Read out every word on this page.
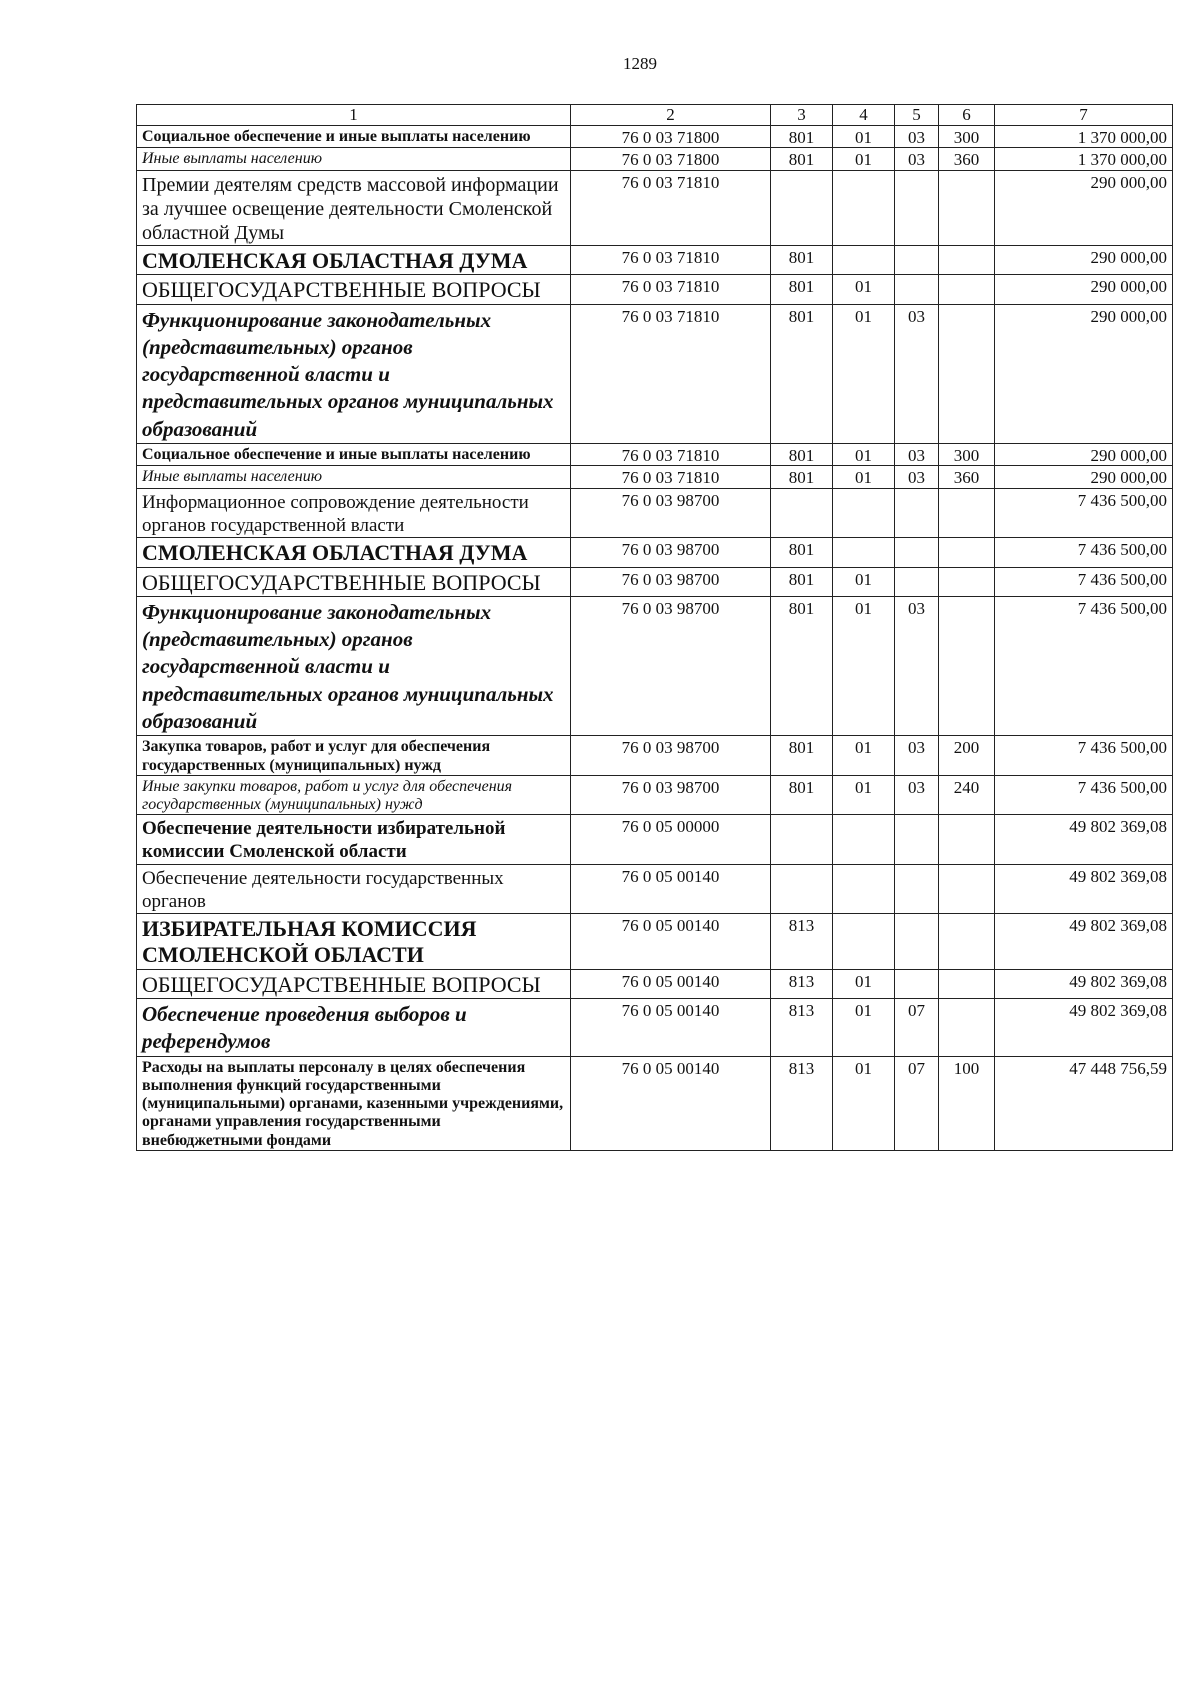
1289
1	2	3	4	5	6	7
Социальное обеспечение и иные выплаты населению	76 0 03 71800	801	01	03	300	1 370 000,00
Иные выплаты населению	76 0 03 71800	801	01	03	360	1 370 000,00
Премии деятелям средств массовой информации за лучшее освещение деятельности Смоленской областной Думы	76 0 03 71810					290 000,00
СМОЛЕНСКАЯ ОБЛАСТНАЯ ДУМА	76 0 03 71810	801				290 000,00
ОБЩЕГОСУДАРСТВЕННЫЕ ВОПРОСЫ	76 0 03 71810	801	01			290 000,00
Функционирование законодательных (представительных) органов государственной власти и представительных органов муниципальных образований	76 0 03 71810	801	01	03		290 000,00
Социальное обеспечение и иные выплаты населению	76 0 03 71810	801	01	03	300	290 000,00
Иные выплаты населению	76 0 03 71810	801	01	03	360	290 000,00
Информационное сопровождение деятельности органов государственной власти	76 0 03 98700					7 436 500,00
СМОЛЕНСКАЯ ОБЛАСТНАЯ ДУМА	76 0 03 98700	801				7 436 500,00
ОБЩЕГОСУДАРСТВЕННЫЕ ВОПРОСЫ	76 0 03 98700	801	01			7 436 500,00
Функционирование законодательных (представительных) органов государственной власти и представительных органов муниципальных образований	76 0 03 98700	801	01	03		7 436 500,00
Закупка товаров, работ и услуг для обеспечения государственных (муниципальных) нужд	76 0 03 98700	801	01	03	200	7 436 500,00
Иные закупки товаров, работ и услуг для обеспечения государственных (муниципальных) нужд	76 0 03 98700	801	01	03	240	7 436 500,00
Обеспечение деятельности избирательной комиссии Смоленской области	76 0 05 00000					49 802 369,08
Обеспечение деятельности государственных органов	76 0 05 00140					49 802 369,08
ИЗБИРАТЕЛЬНАЯ КОМИССИЯ СМОЛЕНСКОЙ ОБЛАСТИ	76 0 05 00140	813				49 802 369,08
ОБЩЕГОСУДАРСТВЕННЫЕ ВОПРОСЫ	76 0 05 00140	813	01			49 802 369,08
Обеспечение проведения выборов и референдумов	76 0 05 00140	813	01	07		49 802 369,08
Расходы на выплаты персоналу в целях обеспечения выполнения функций государственными (муниципальными) органами, казенными учреждениями, органами управления государственными внебюджетными фондами	76 0 05 00140	813	01	07	100	47 448 756,59
